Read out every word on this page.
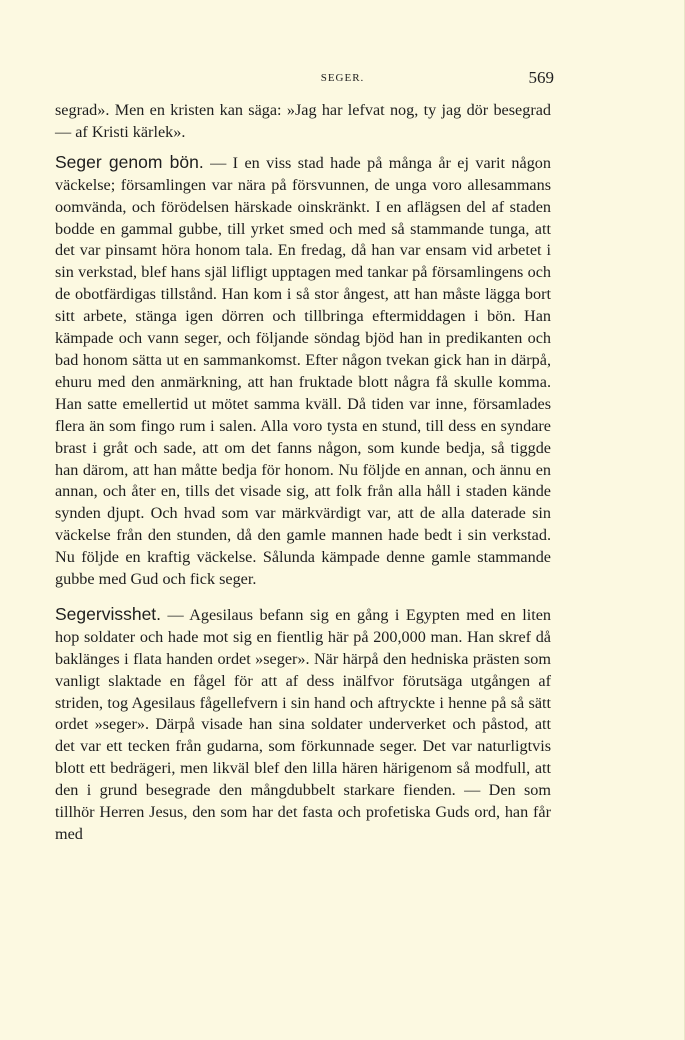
SEGER.	569

segrad». Men en kristen kan säga: »Jag har lefvat nog, ty jag dör besegrad — af Kristi kärlek».

Seger genom bön. — I en viss stad hade på många år ej varit någon väckelse; församlingen var nära på försvunnen, de unga voro allesammans oomvända, och förödelsen härskade oinskränkt. I en aflägsen del af staden bodde en gammal gubbe, till yrket smed och med så stammande tunga, att det var pinsamt höra honom tala. En fredag, då han var ensam vid arbetet i sin verkstad, blef hans själ lifligt upptagen med tankar på församlingens och de obotfärdigas tillstånd. Han kom i så stor ångest, att han måste lägga bort sitt arbete, stänga igen dörren och tillbringa eftermiddagen i bön. Han kämpade och vann seger, och följande söndag bjöd han in predikanten och bad honom sätta ut en sammankomst. Efter någon tvekan gick han in därpå, ehuru med den anmärkning, att han fruktade blott några få skulle komma. Han satte emellertid ut mötet samma kväll. Då tiden var inne, församlades flera än som fingo rum i salen. Alla voro tysta en stund, till dess en syndare brast i gråt och sade, att om det fanns någon, som kunde bedja, så tiggde han därom, att han måtte bedja för honom. Nu följde en annan, och ännu en annan, och åter en, tills det visade sig, att folk från alla håll i staden kände synden djupt. Och hvad som var märkvärdigt var, att de alla daterade sin väckelse från den stunden, då den gamle mannen hade bedt i sin verkstad. Nu följde en kraftig väckelse. Sålunda kämpade denne gamle stammande gubbe med Gud och fick seger.

Segervisshet. — Agesilaus befann sig en gång i Egypten med en liten hop soldater och hade mot sig en fientlig här på 200,000 man. Han skref då baklänges i flata handen ordet »seger». När härpå den hedniska prästen som vanligt slaktade en fågel för att af dess inälfvor förutsäga utgången af striden, tog Agesilaus fågellefvern i sin hand och aftryckte i henne på så sätt ordet »seger». Därpå visade han sina soldater underverket och påstod, att det var ett tecken från gudarna, som förkunnade seger. Det var naturligtvis blott ett bedrägeri, men likväl blef den lilla hären härigenom så modfull, att den i grund besegrade den mångdubbelt starkare fienden. — Den som tillhör Herren Jesus, den som har det fasta och profetiska Guds ord, han får med
